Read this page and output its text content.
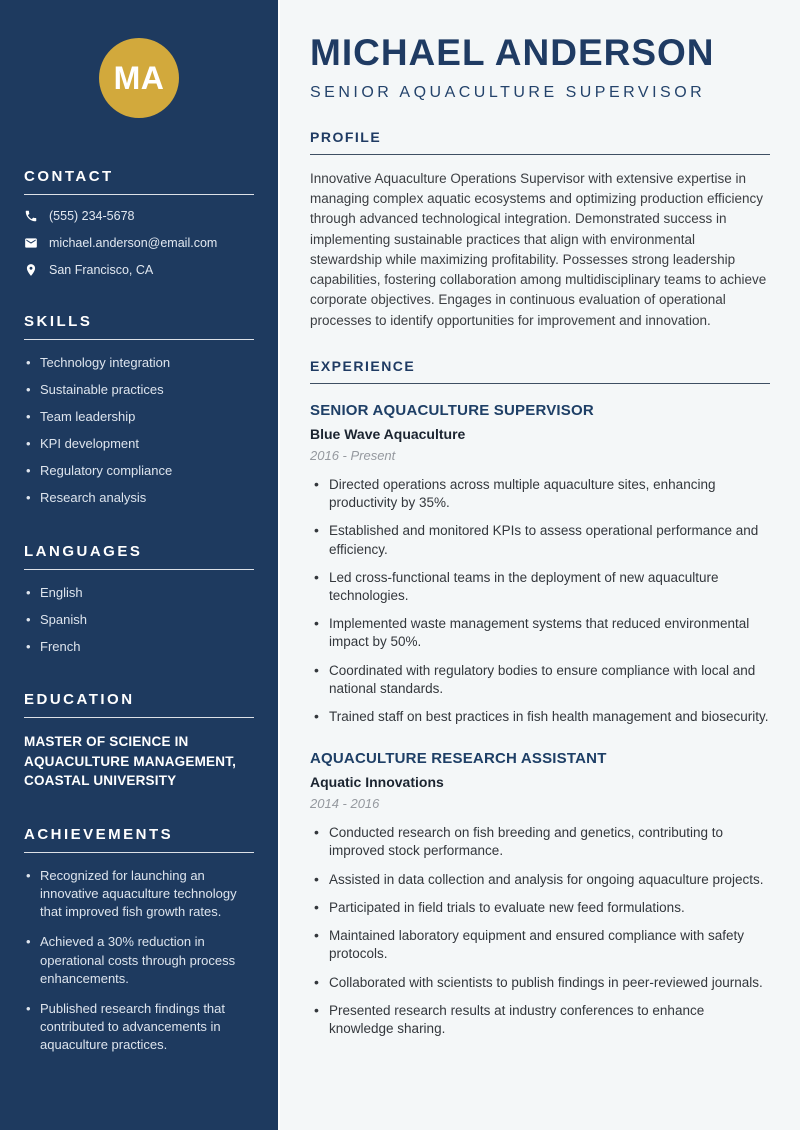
MA
CONTACT
(555) 234-5678
michael.anderson@email.com
San Francisco, CA
SKILLS
• Technology integration
• Sustainable practices
• Team leadership
• KPI development
• Regulatory compliance
• Research analysis
LANGUAGES
• English
• Spanish
• French
EDUCATION
MASTER OF SCIENCE IN AQUACULTURE MANAGEMENT, COASTAL UNIVERSITY
ACHIEVEMENTS
• Recognized for launching an innovative aquaculture technology that improved fish growth rates.
• Achieved a 30% reduction in operational costs through process enhancements.
• Published research findings that contributed to advancements in aquaculture practices.
MICHAEL ANDERSON
SENIOR AQUACULTURE SUPERVISOR
PROFILE

Innovative Aquaculture Operations Supervisor with extensive expertise in managing complex aquatic ecosystems and optimizing production efficiency through advanced technological integration. Demonstrated success in implementing sustainable practices that align with environmental stewardship while maximizing profitability. Possesses strong leadership capabilities, fostering collaboration among multidisciplinary teams to achieve corporate objectives. Engages in continuous evaluation of operational processes to identify opportunities for improvement and innovation.

EXPERIENCE
SENIOR AQUACULTURE SUPERVISOR
Blue Wave Aquaculture
2016 - Present
• Directed operations across multiple aquaculture sites, enhancing productivity by 35%.
• Established and monitored KPIs to assess operational performance and efficiency.
• Led cross-functional teams in the deployment of new aquaculture technologies.
• Implemented waste management systems that reduced environmental impact by 50%.
• Coordinated with regulatory bodies to ensure compliance with local and national standards.
• Trained staff on best practices in fish health management and biosecurity.
AQUACULTURE RESEARCH ASSISTANT
Aquatic Innovations
2014 - 2016
• Conducted research on fish breeding and genetics, contributing to improved stock performance.
• Assisted in data collection and analysis for ongoing aquaculture projects.
• Participated in field trials to evaluate new feed formulations.
• Maintained laboratory equipment and ensured compliance with safety protocols.
• Collaborated with scientists to publish findings in peer-reviewed journals.
• Presented research results at industry conferences to enhance knowledge sharing.
